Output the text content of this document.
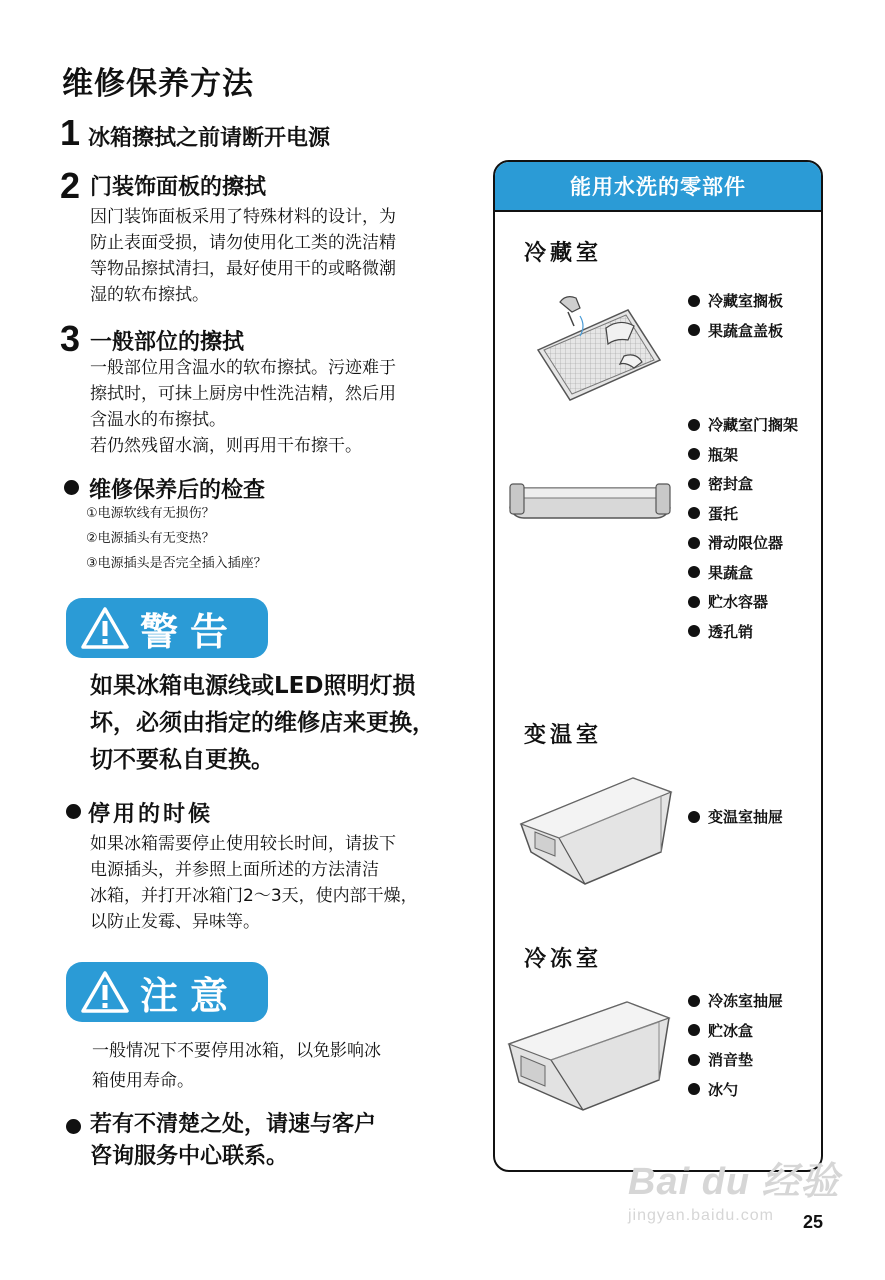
维修保养方法
1 冰箱擦拭之前请断开电源
2 门装饰面板的擦拭
因门装饰面板采用了特殊材料的设计，为
防止表面受损，请勿使用化工类的洗洁精
等物品擦拭清扫，最好使用干的或略微潮
湿的软布擦拭。
3 一般部位的擦拭
一般部位用含温水的软布擦拭。污迹难于
擦拭时，可抹上厨房中性洗洁精，然后用
含温水的布擦拭。
若仍然残留水滴，则再用干布擦干。
维修保养后的检查
①电源软线有无损伤？
②电源插头有无变热？
③电源插头是否完全插入插座？
警告
如果冰箱电源线或LED照明灯损
坏，必须由指定的维修店来更换，
切不要私自更换。
停用的时候
如果冰箱需要停止使用较长时间，请拔下
电源插头，并参照上面所述的方法清洁
冰箱，并打开冰箱门2～3天，使内部干燥，
以防止发霉、异味等。
注意
一般情况下不要停用冰箱，以免影响冰
箱使用寿命。
若有不清楚之处，请速与客户
咨询服务中心联系。
能用水洗的零部件
冷藏室
冷藏室搁板
果蔬盒盖板
冷藏室门搁架
瓶架
密封盒
蛋托
滑动限位器
果蔬盒
贮水容器
透孔销
变温室
变温室抽屉
冷冻室
冷冻室抽屉
贮冰盒
消音垫
冰勺
Bai du 经验
jingyan.baidu.com	25
